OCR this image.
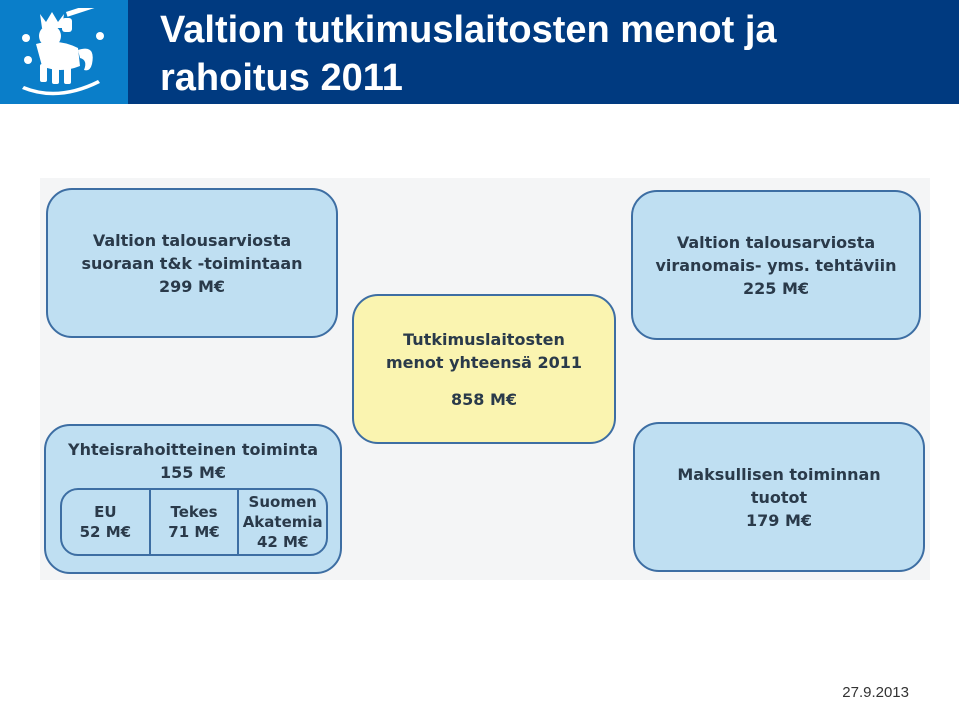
Valtion tutkimuslaitosten menot ja
rahoitus 2011
Valtion talousarviosta
suoraan t&k -toimintaan
299 M€
Valtion talousarviosta
viranomais- yms. tehtäviin
225 M€
Tutkimuslaitosten
menot yhteensä 2011
858 M€
Yhteisrahoitteinen toiminta
155 M€
EU
52 M€
Tekes
71 M€
Suomen
Akatemia
42 M€
Maksullisen toiminnan
tuotot
179 M€
27.9.2013
